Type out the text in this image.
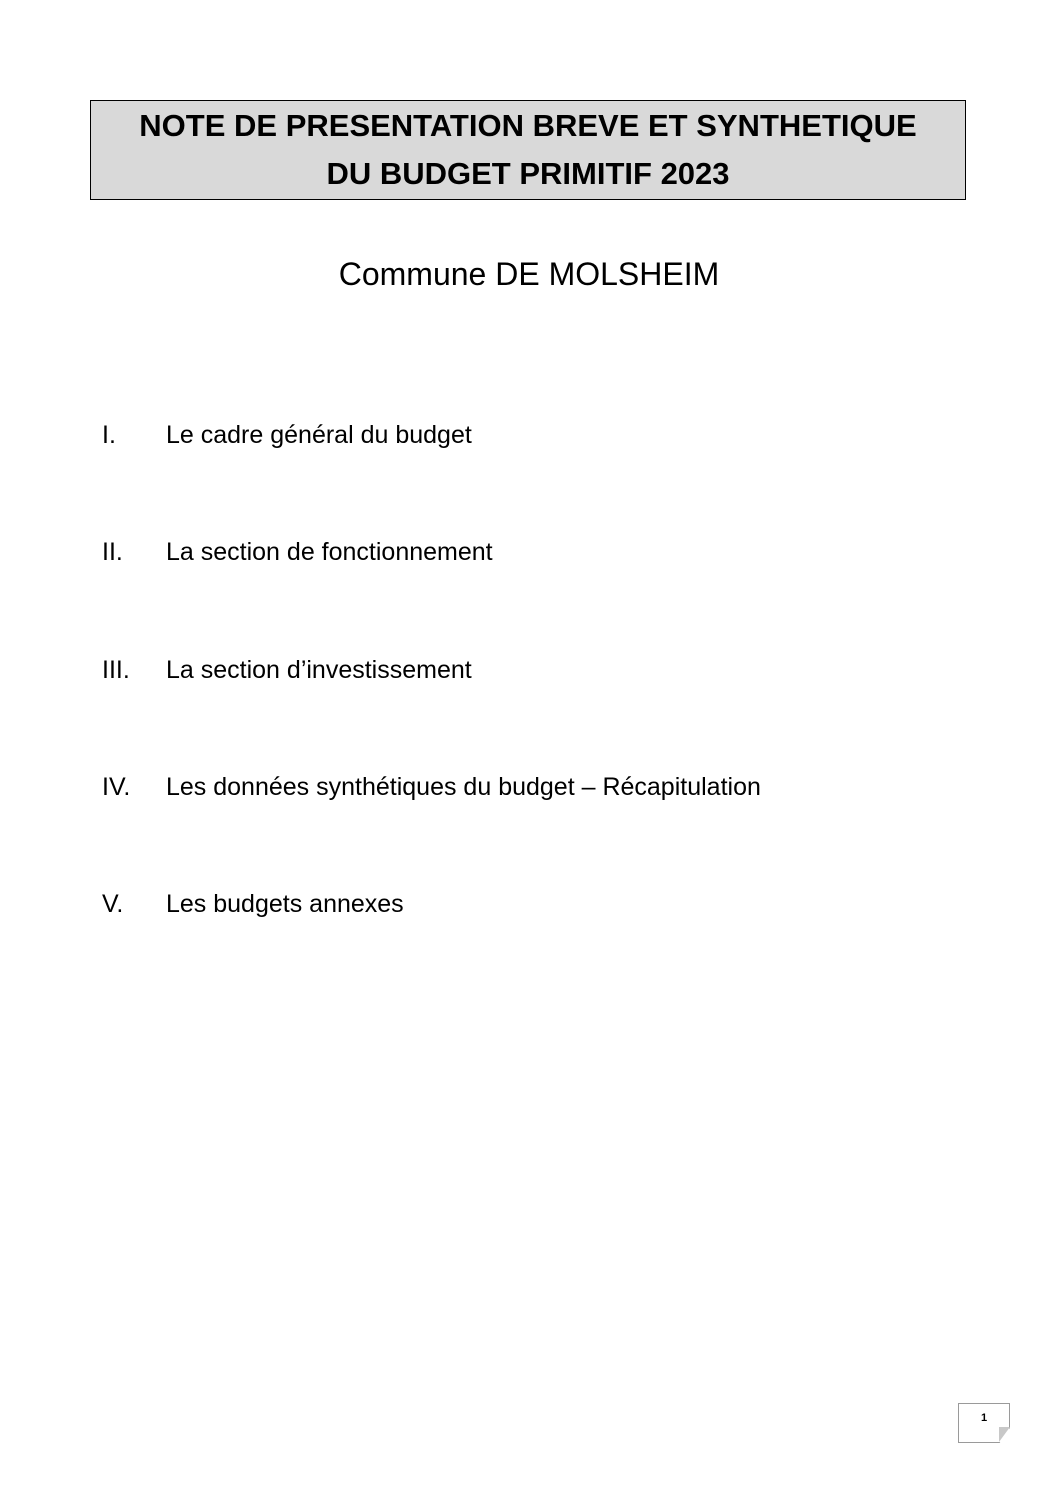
NOTE DE PRESENTATION BREVE ET SYNTHETIQUE
DU BUDGET PRIMITIF 2023
Commune DE MOLSHEIM
I.	Le cadre général du budget
II.	La section de fonctionnement
III.	La section d’investissement
IV.	Les données synthétiques du budget – Récapitulation
V.	Les budgets annexes
1
